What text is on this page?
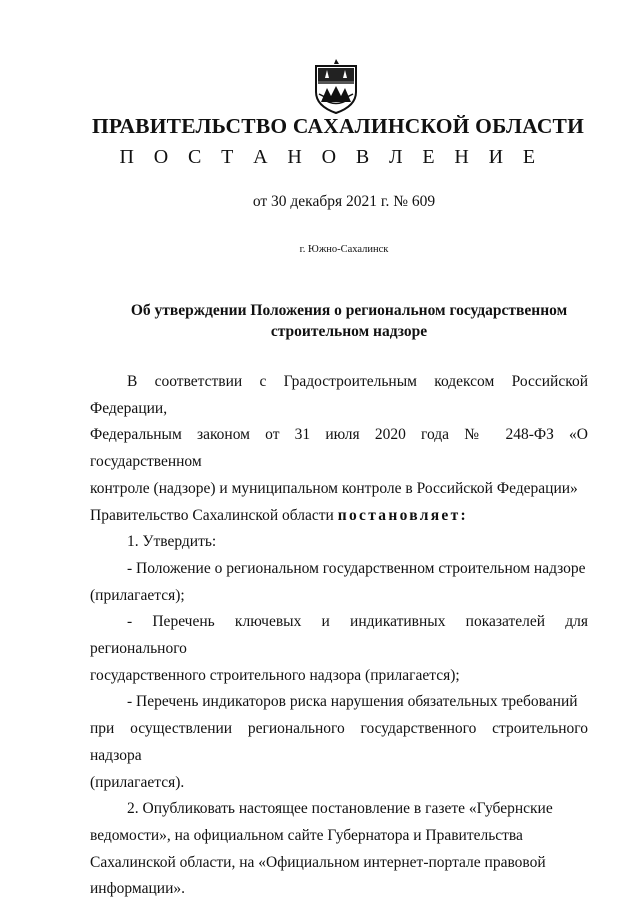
ПРАВИТЕЛЬСТВО САХАЛИНСКОЙ ОБЛАСТИ
П О С Т А Н О В Л Е Н И Е
от 30 декабря 2021 г. № 609
г. Южно-Сахалинск
Об утверждении Положения о региональном государственном
строительном надзоре

В соответствии с Градостроительным кодексом Российской Федерации,

Федеральным законом от 31 июля 2020 года № 248-ФЗ «О государственном

контроле (надзоре) и муниципальном контроле в Российской Федерации»

Правительство Сахалинской области постановляет:

1. Утвердить:

- Положение о региональном государственном строительном надзоре

(прилагается);

- Перечень ключевых и индикативных показателей для регионального

государственного строительного надзора (прилагается);

- Перечень индикаторов риска нарушения обязательных требований

при осуществлении регионального государственного строительного надзора

(прилагается).

2. Опубликовать настоящее постановление в газете «Губернские

ведомости», на официальном сайте Губернатора и Правительства

Сахалинской области, на «Официальном интернет-портале правовой

информации».
